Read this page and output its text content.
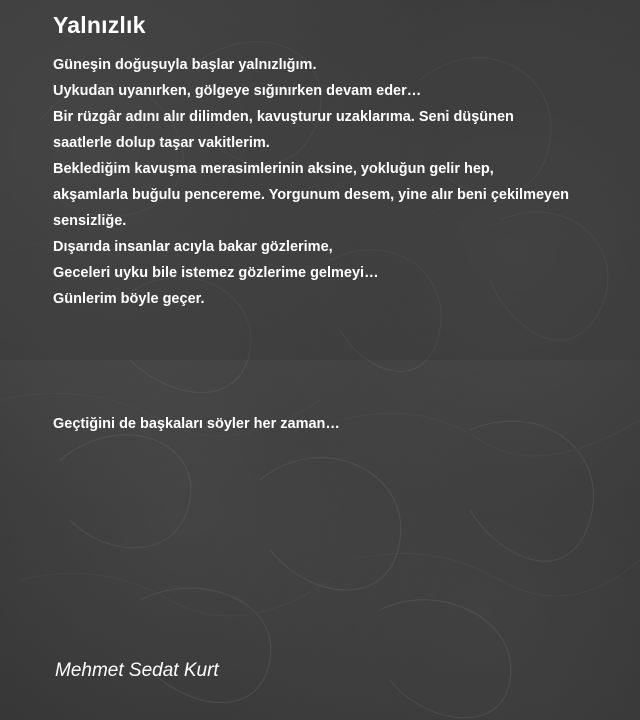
Yalnızlık
Güneşin doğuşuyla başlar yalnızlığım.
Uykudan uyanırken, gölgeye sığınırken devam eder…
Bir rüzgâr adını alır dilimden, kavuşturur uzaklarıma. Seni düşünen
saatlerle dolup taşar vakitlerim.
Beklediğim kavuşma merasimlerinin aksine, yokluğun gelir hep,
akşamlarla buğulu pencereme. Yorgunum desem, yine alır beni çekilmeyen
sensizliğe.
Dışarıda insanlar acıyla bakar gözlerime,
Geceleri uyku bile istemez gözlerime gelmeyi…
Günlerim böyle geçer.
Geçtiğini de başkaları söyler her zaman…
Mehmet Sedat Kurt
